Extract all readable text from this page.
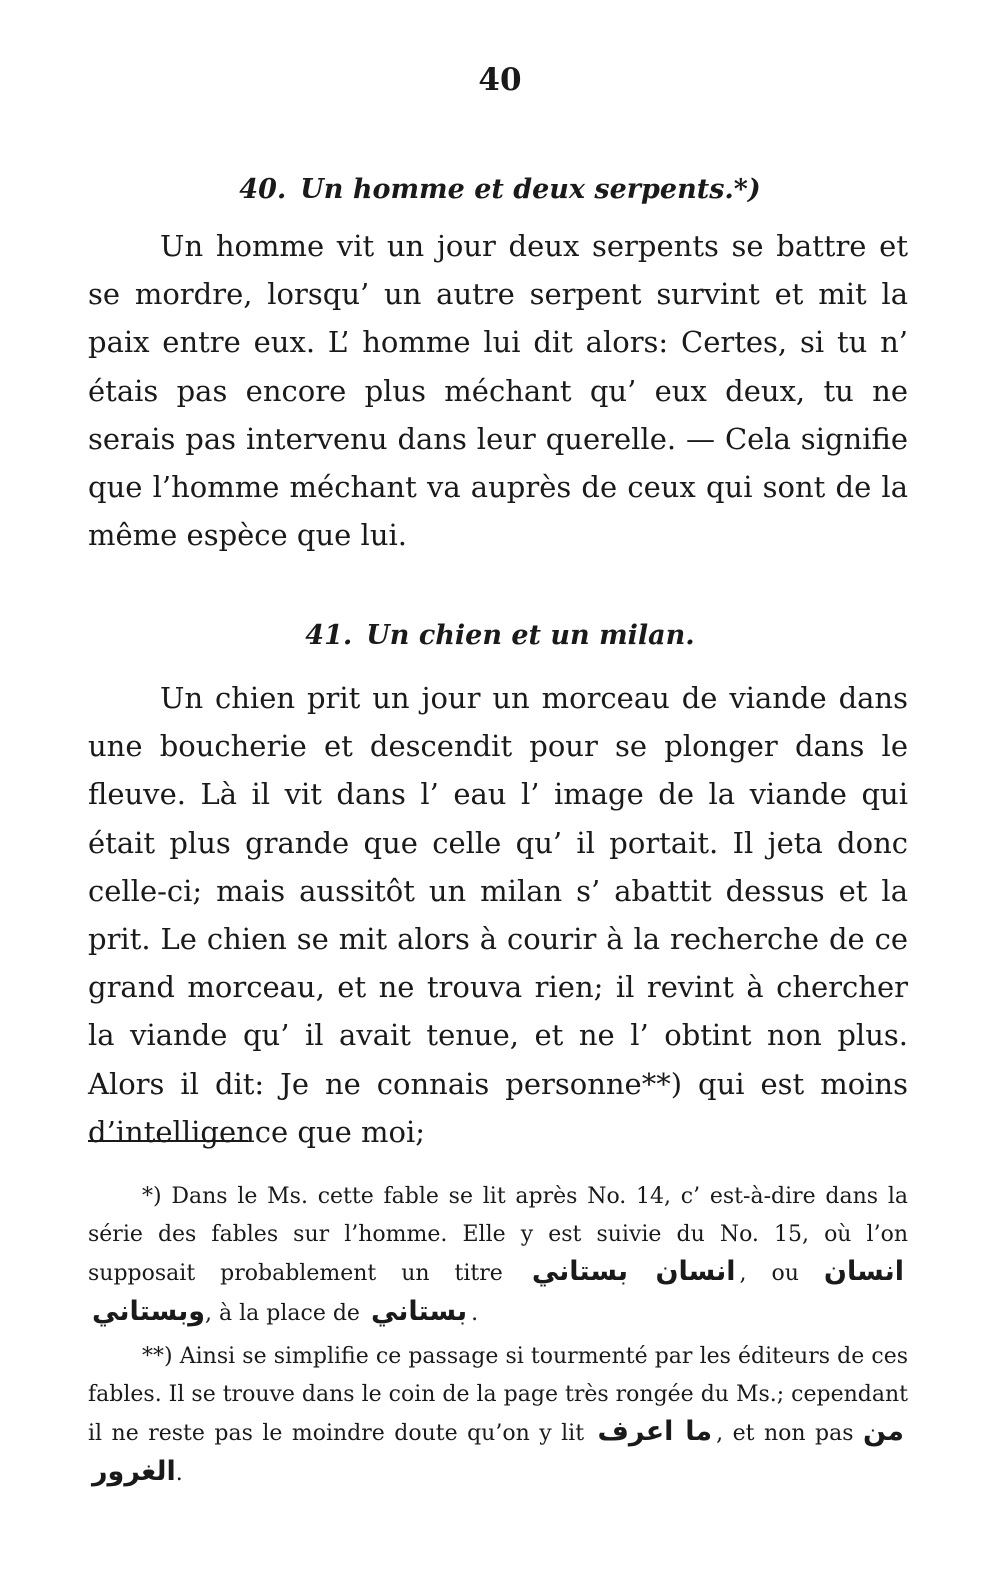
40
40. Un homme et deux serpents.*)

Un homme vit un jour deux serpents se battre et se mordre, lorsqu’ un autre serpent survint et mit la paix entre eux. L’ homme lui dit alors: Certes, si tu n’ étais pas encore plus méchant qu’ eux deux, tu ne serais pas intervenu dans leur querelle. — Cela signifie que l’homme méchant va auprès de ceux qui sont de la même espèce que lui.

41. Un chien et un milan.

Un chien prit un jour un morceau de viande dans une boucherie et descendit pour se plonger dans le fleuve. Là il vit dans l’ eau l’ image de la viande qui était plus grande que celle qu’ il portait. Il jeta donc celle-ci; mais aussitôt un milan s’ abattit dessus et la prit. Le chien se mit alors à courir à la recherche de ce grand morceau, et ne trouva rien; il revint à chercher la viande qu’ il avait tenue, et ne l’ obtint non plus. Alors il dit: Je ne connais personne**) qui est moins d’intelligence que moi;

*) Dans le Ms. cette fable se lit après No. 14, c’ est-à-dire dans la série des fables sur l’homme. Elle y est suivie du No. 15, où l’on supposait probablement un titre انسان بستاني , ou انسان وبستاني, à la place de بستاني .

**) Ainsi se simplifie ce passage si tourmenté par les éditeurs de ces fables. Il se trouve dans le coin de la page très rongée du Ms.; cependant il ne reste pas le moindre doute qu’on y lit ما اعرف , et non pas من الغرور.
